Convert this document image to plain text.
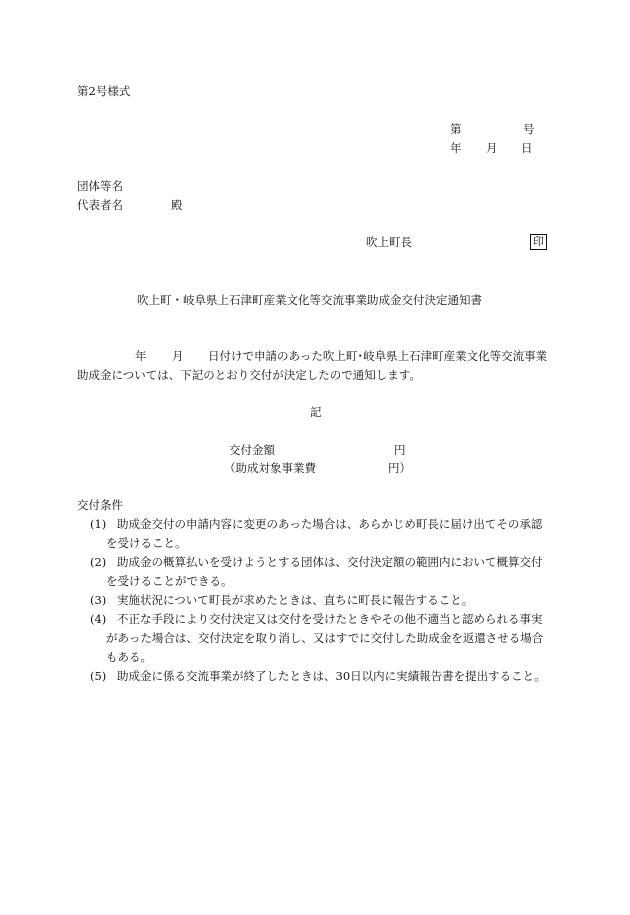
第2号様式
第	号
年 月 日
団体等名
代表者名	殿
吹上町長	印
吹上町・岐阜県上石津町産業文化等交流事業助成金交付決定通知書
年 月 日付けで申請のあった吹上町･岐阜県上石津町産業文化等交流事業
助成金については、下記のとおり交付が決定したので通知します。
記
交付金額	円
（助成対象事業費	円）
交付条件
(1) 助成金交付の申請内容に変更のあった場合は、あらかじめ町長に届け出てその承認
を受けること。
(2) 助成金の概算払いを受けようとする団体は、交付決定額の範囲内において概算交付
を受けることができる。
(3) 実施状況について町長が求めたときは、直ちに町長に報告すること。
(4) 不正な手段により交付決定又は交付を受けたときやその他不適当と認められる事実
があった場合は、交付決定を取り消し、又はすでに交付した助成金を返還させる場合
もある。
(5) 助成金に係る交流事業が終了したときは、30日以内に実績報告書を提出すること。
